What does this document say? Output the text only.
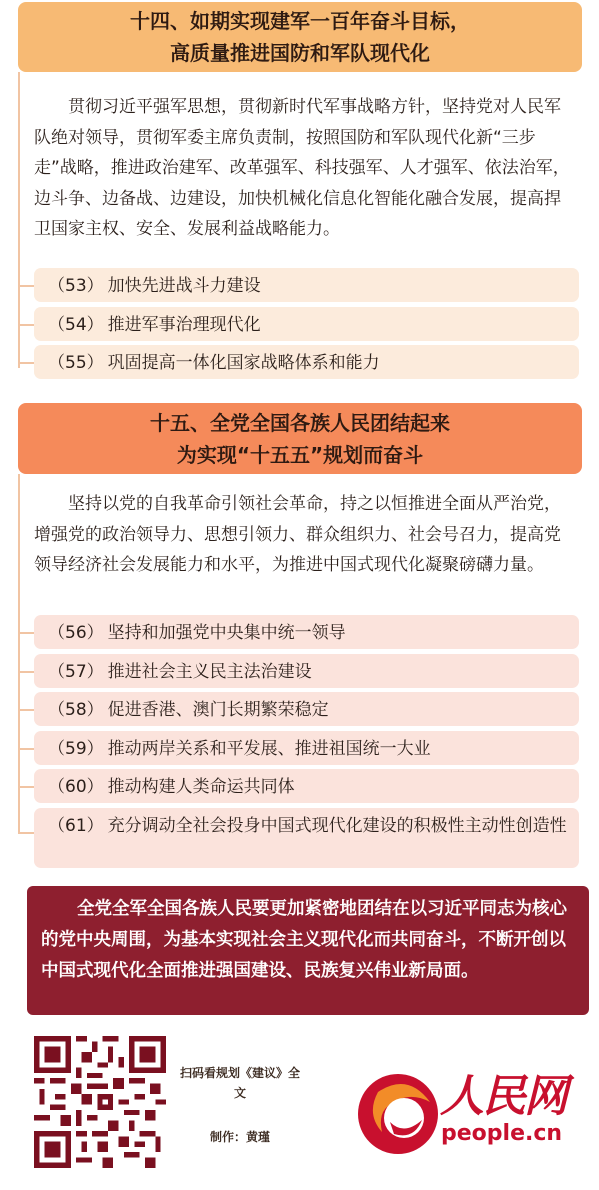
十四、如期实现建军一百年奋斗目标，
高质量推进国防和军队现代化
贯彻习近平强军思想，贯彻新时代军事战略方针，坚持党对人民军队绝对领导，贯彻军委主席负责制，按照国防和军队现代化新“三步走”战略，推进政治建军、改革强军、科技强军、人才强军、依法治军，边斗争、边备战、边建设，加快机械化信息化智能化融合发展，提高捍卫国家主权、安全、发展利益战略能力。
（53） 加快先进战斗力建设
（54） 推进军事治理现代化
（55） 巩固提高一体化国家战略体系和能力
十五、全党全国各族人民团结起来
为实现“十五五”规划而奋斗
坚持以党的自我革命引领社会革命，持之以恒推进全面从严治党，增强党的政治领导力、思想引领力、群众组织力、社会号召力，提高党领导经济社会发展能力和水平，为推进中国式现代化凝聚磅礴力量。
（56） 坚持和加强党中央集中统一领导
（57） 推进社会主义民主法治建设
（58） 促进香港、澳门长期繁荣稳定
（59） 推动两岸关系和平发展、推进祖国统一大业
（60） 推动构建人类命运共同体
（61） 充分调动全社会投身中国式现代化建设的积极性主动性创造性
全党全军全国各族人民要更加紧密地团结在以习近平同志为核心的党中央周围，为基本实现社会主义现代化而共同奋斗，不断开创以中国式现代化全面推进强国建设、民族复兴伟业新局面。
扫码看规划《建议》全文
制作：黄瑾
人民网
people.cn
